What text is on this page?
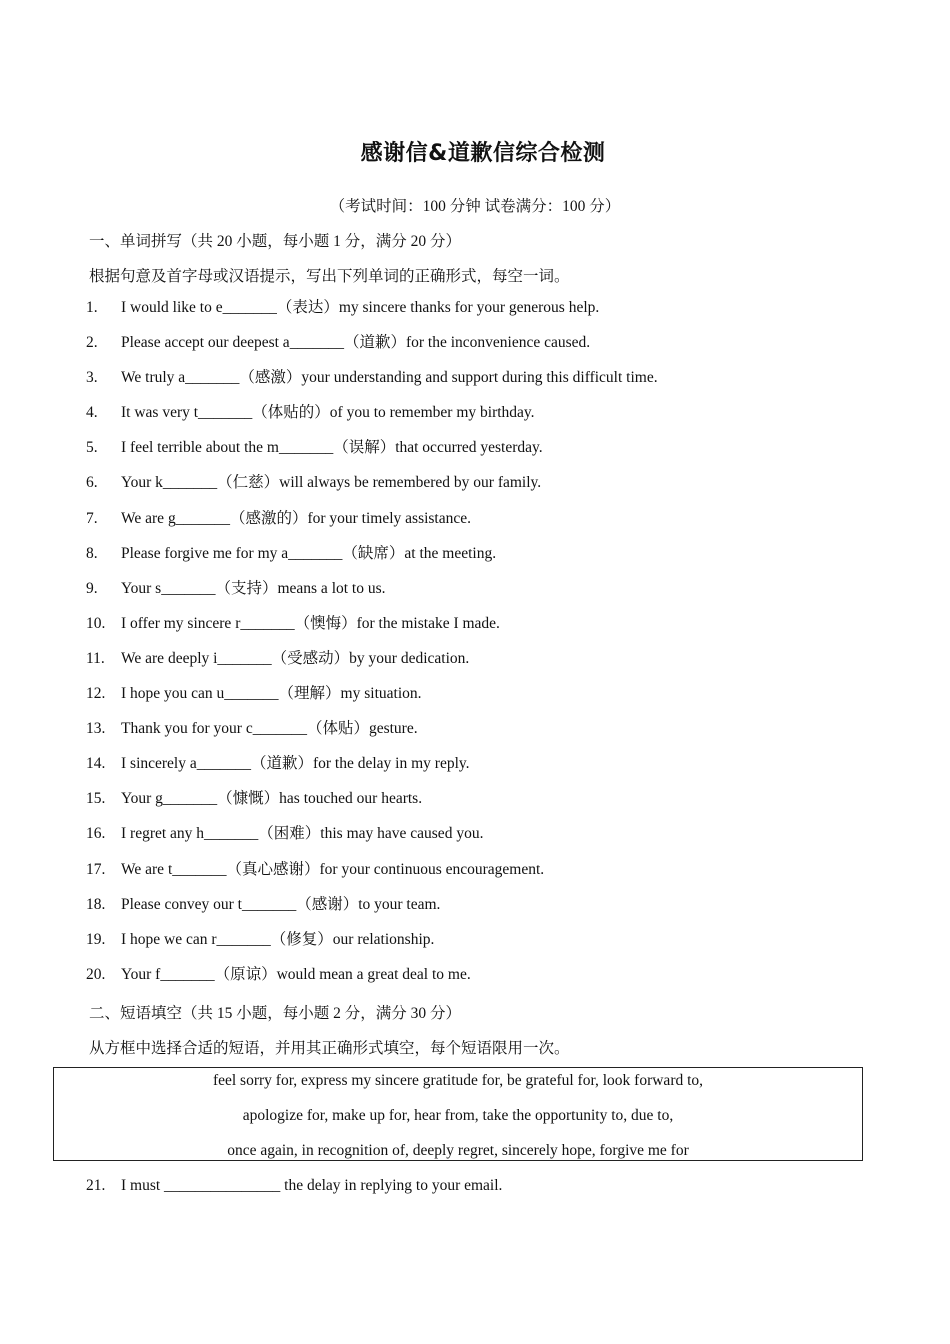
感谢信&道歉信综合检测
（考试时间：100 分钟 试卷满分：100 分）
一、单词拼写（共 20 小题，每小题 1 分，满分 20 分）
根据句意及首字母或汉语提示，写出下列单词的正确形式，每空一词。
1.	I would like to e_______（表达）my sincere thanks for your generous help.
2.	Please accept our deepest a_______（道歉）for the inconvenience caused.
3.	We truly a_______（感激）your understanding and support during this difficult time.
4.	It was very t_______（体贴的）of you to remember my birthday.
5.	I feel terrible about the m_______（误解）that occurred yesterday.
6.	Your k_______（仁慈）will always be remembered by our family.
7.	We are g_______（感激的）for your timely assistance.
8.	Please forgive me for my a_______（缺席）at the meeting.
9.	Your s_______（支持）means a lot to us.
10.	I offer my sincere r_______（懊悔）for the mistake I made.
11.	We are deeply i_______（受感动）by your dedication.
12.	I hope you can u_______（理解）my situation.
13.	Thank you for your c_______（体贴）gesture.
14.	I sincerely a_______（道歉）for the delay in my reply.
15.	Your g_______（慷慨）has touched our hearts.
16.	I regret any h_______（困难）this may have caused you.
17.	We are t_______（真心感谢）for your continuous encouragement.
18.	Please convey our t_______（感谢）to your team.
19.	I hope we can r_______（修复）our relationship.
20.	Your f_______（原谅）would mean a great deal to me.
二、短语填空（共 15 小题，每小题 2 分，满分 30 分）
从方框中选择合适的短语，并用其正确形式填空，每个短语限用一次。
feel sorry for, express my sincere gratitude for, be grateful for, look forward to,
apologize for, make up for, hear from, take the opportunity to, due to,
once again, in recognition of, deeply regret, sincerely hope, forgive me for
21.	I must _______________ the delay in replying to your email.
